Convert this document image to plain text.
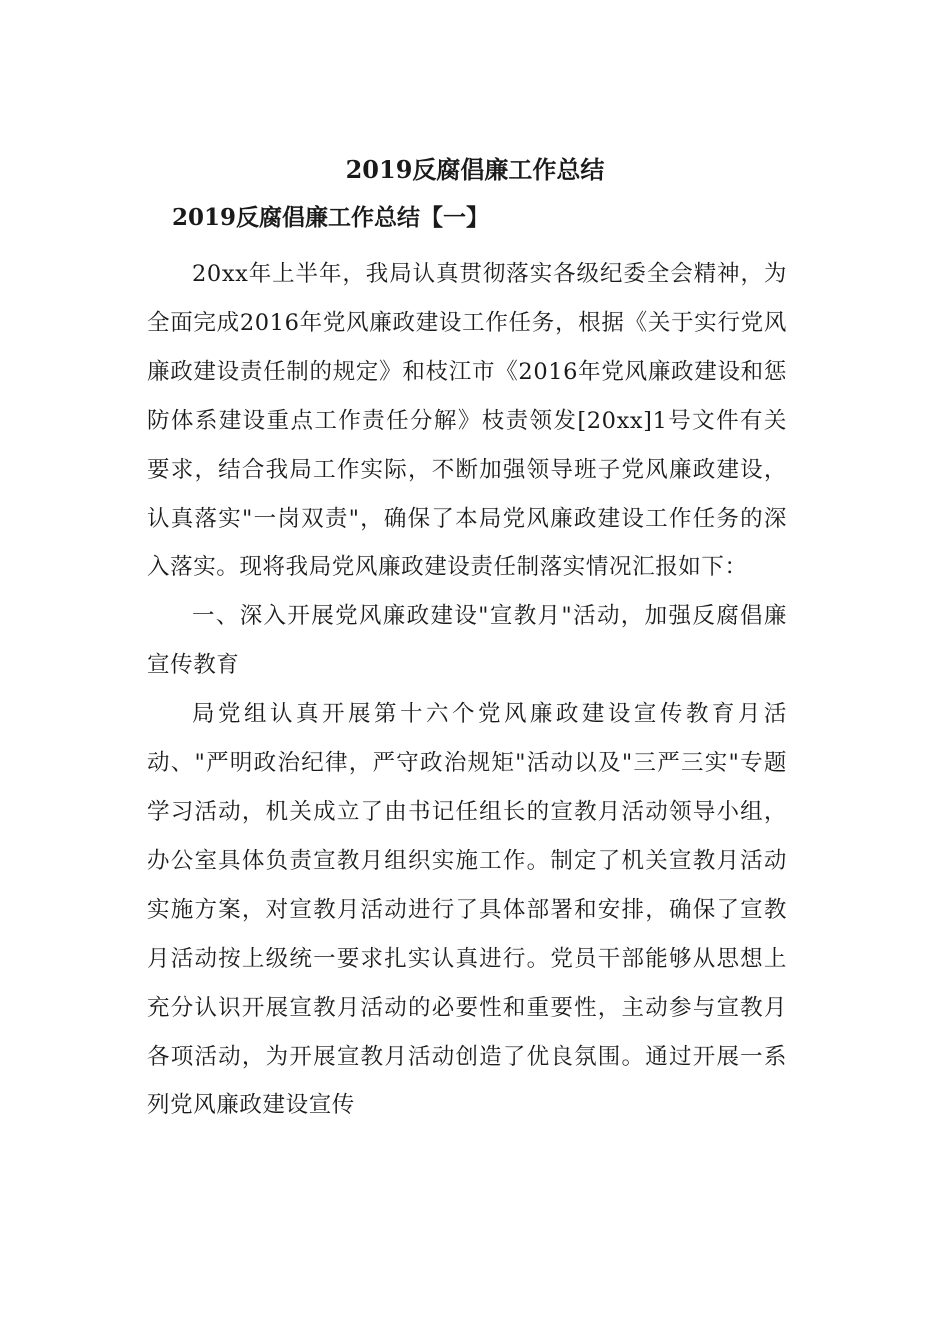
2019反腐倡廉工作总结
2019反腐倡廉工作总结【一】

20xx年上半年，我局认真贯彻落实各级纪委全会精神，为全面完成2016年党风廉政建设工作任务，根据《关于实行党风廉政建设责任制的规定》和枝江市《2016年党风廉政建设和惩防体系建设重点工作责任分解》枝责领发[20xx]1号文件有关要求，结合我局工作实际，不断加强领导班子党风廉政建设，认真落实"一岗双责"，确保了本局党风廉政建设工作任务的深入落实。现将我局党风廉政建设责任制落实情况汇报如下：

一、深入开展党风廉政建设"宣教月"活动，加强反腐倡廉宣传教育

局党组认真开展第十六个党风廉政建设宣传教育月活动、"严明政治纪律，严守政治规矩"活动以及"三严三实"专题学习活动，机关成立了由书记任组长的宣教月活动领导小组，办公室具体负责宣教月组织实施工作。制定了机关宣教月活动实施方案，对宣教月活动进行了具体部署和安排，确保了宣教月活动按上级统一要求扎实认真进行。党员干部能够从思想上充分认识开展宣教月活动的必要性和重要性，主动参与宣教月各项活动，为开展宣教月活动创造了优良氛围。通过开展一系列党风廉政建设宣传
